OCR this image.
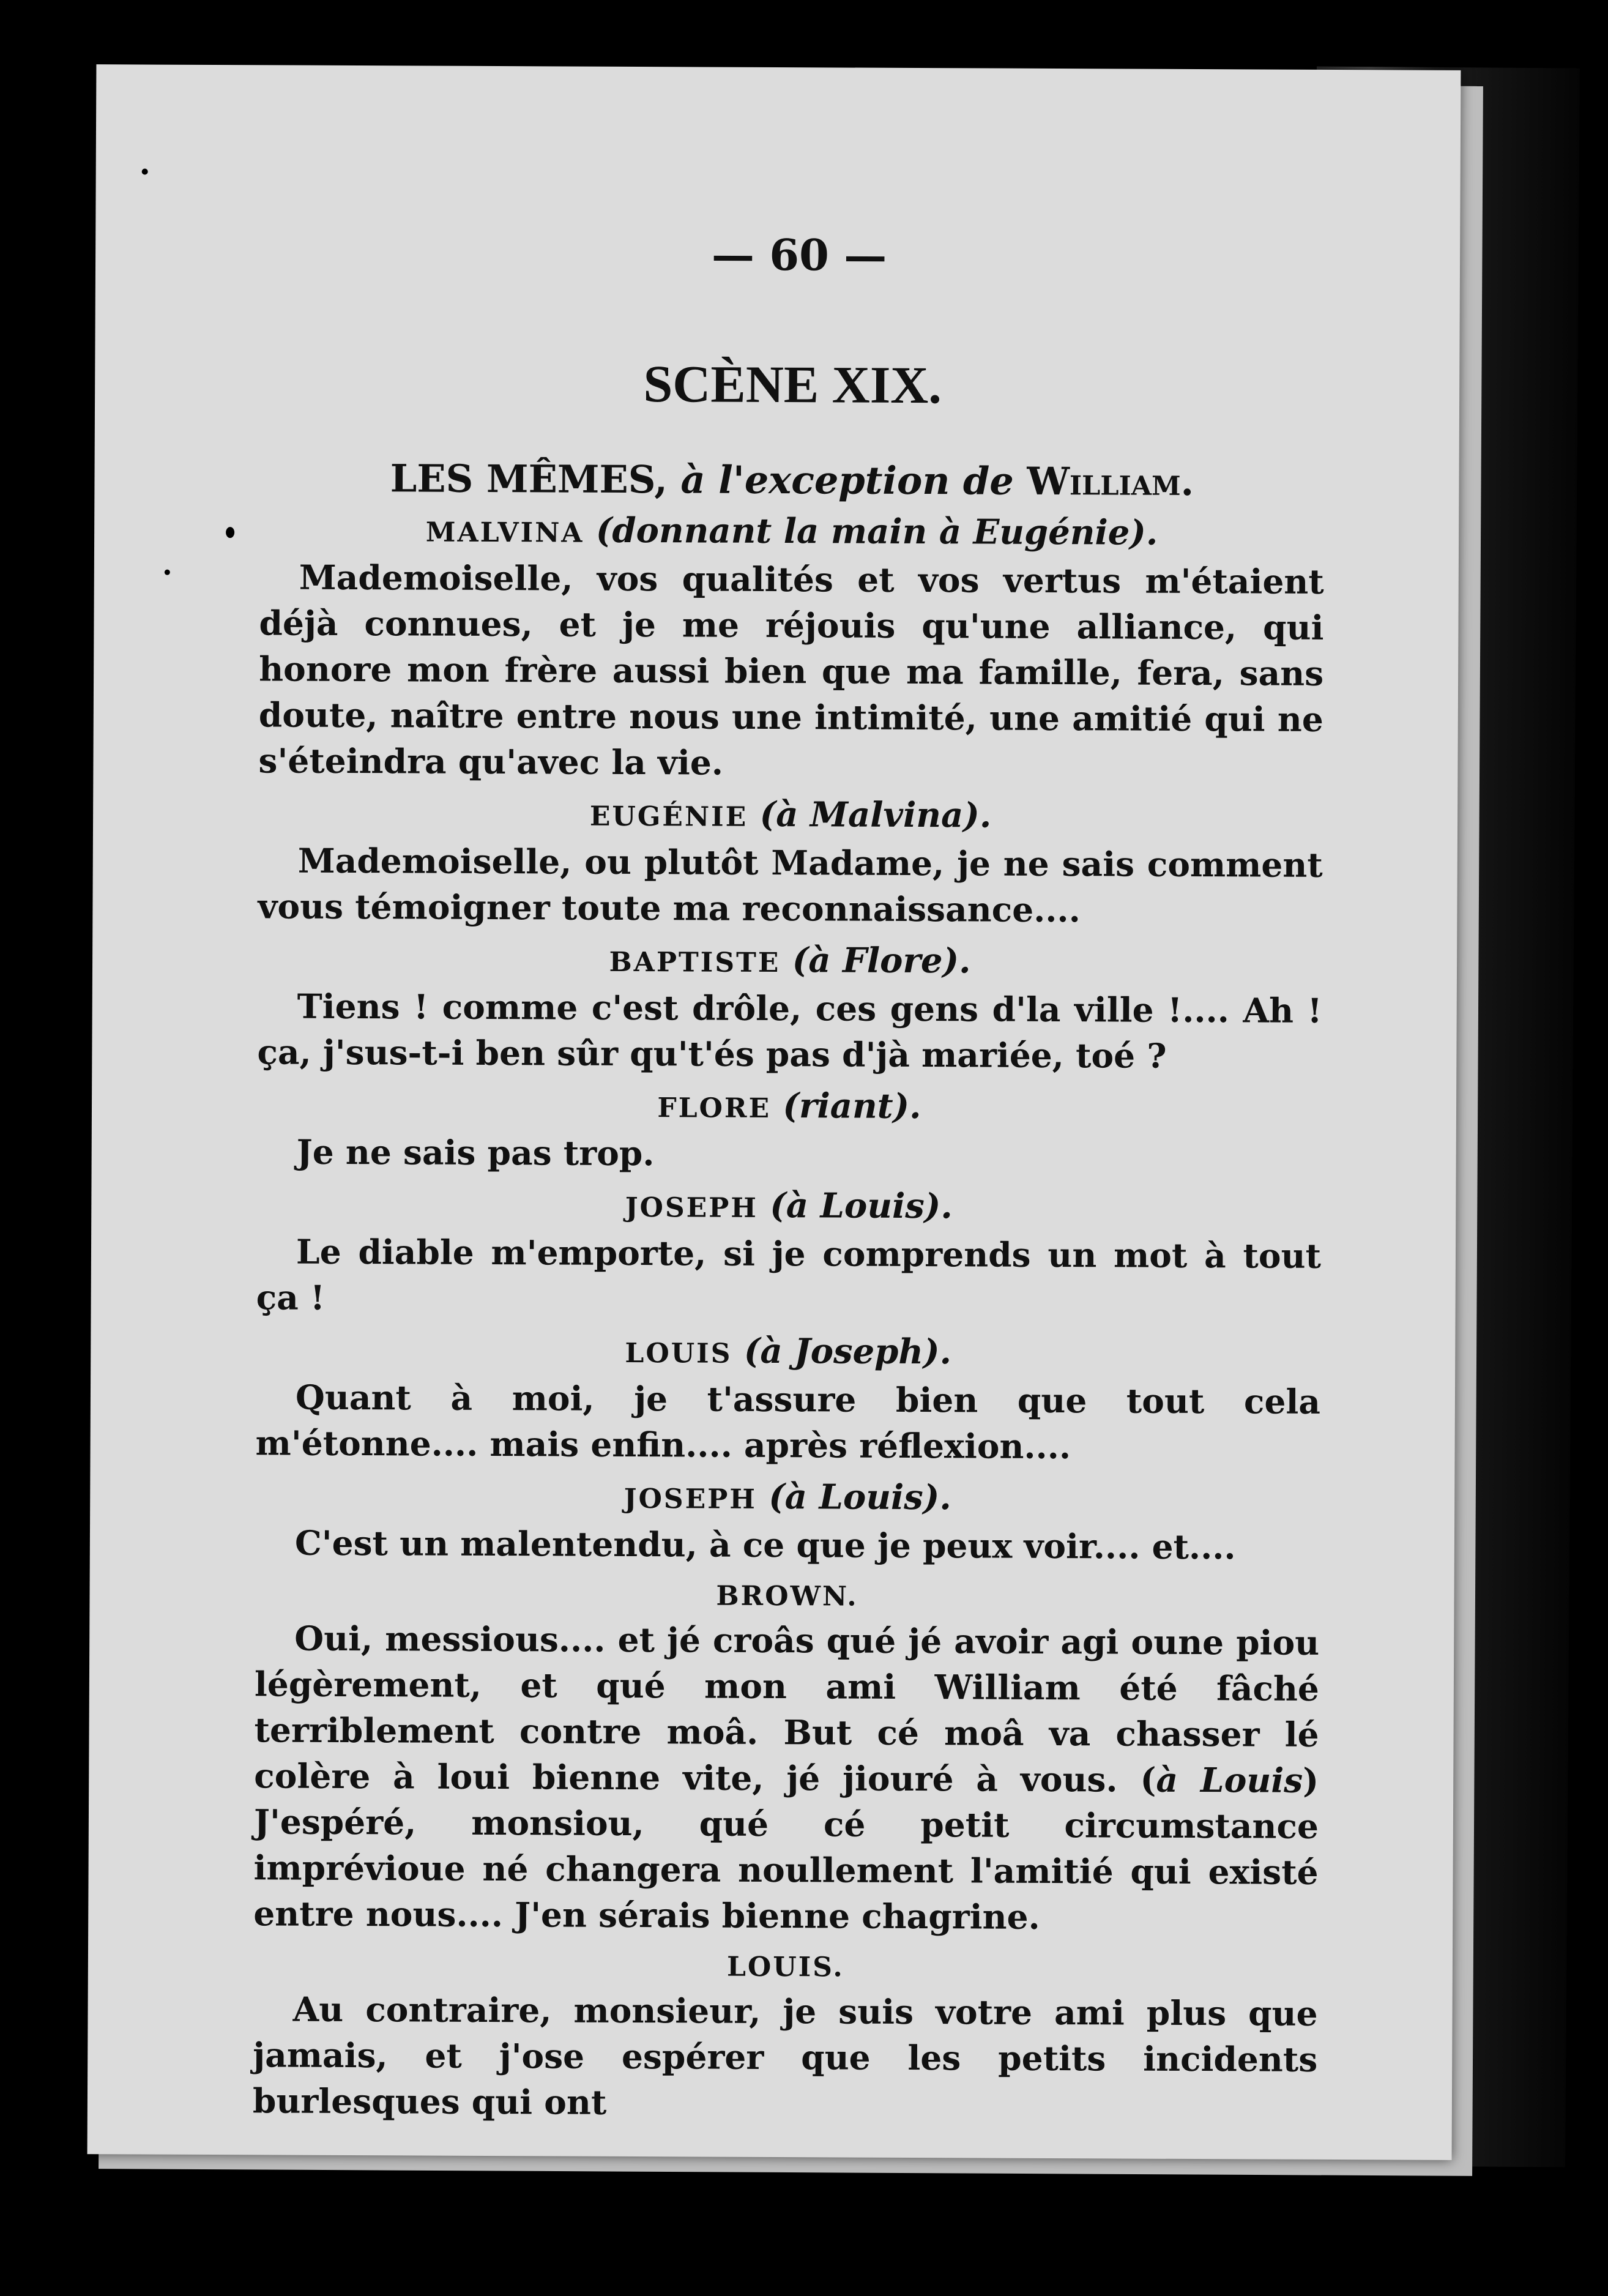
— 60 —
SCÈNE XIX.
LES MÊMES, à l'exception de William.
MALVINA (donnant la main à Eugénie).

Mademoiselle, vos qualités et vos vertus m'étaient déjà connues, et je me réjouis qu'une alliance, qui honore mon frère aussi bien que ma famille, fera, sans doute, naître entre nous une intimité, une amitié qui ne s'éteindra qu'avec la vie.

EUGÉNIE (à Malvina).

Mademoiselle, ou plutôt Madame, je ne sais comment vous témoigner toute ma reconnaissance....

BAPTISTE (à Flore).

Tiens ! comme c'est drôle, ces gens d'la ville !.... Ah ! ça, j'sus-t-i ben sûr qu't'és pas d'jà mariée, toé ?

FLORE (riant).

Je ne sais pas trop.

JOSEPH (à Louis).

Le diable m'emporte, si je comprends un mot à tout ça !

LOUIS (à Joseph).

Quant à moi, je t'assure bien que tout cela m'étonne.... mais enfin.... après réflexion....

JOSEPH (à Louis).

C'est un malentendu, à ce que je peux voir.... et....

BROWN.

Oui, messious.... et jé croâs qué jé avoir agi oune piou légèrement, et qué mon ami William été fâché terriblement contre moâ. But cé moâ va chasser lé colère à loui bienne vite, jé jiouré à vous. (à Louis) J'espéré, monsiou, qué cé petit circumstance imprévioue né changera noullement l'amitié qui existé entre nous.... J'en sérais bienne chagrine.

LOUIS.

Au contraire, monsieur, je suis votre ami plus que jamais, et j'ose espérer que les petits incidents burlesques qui ont
